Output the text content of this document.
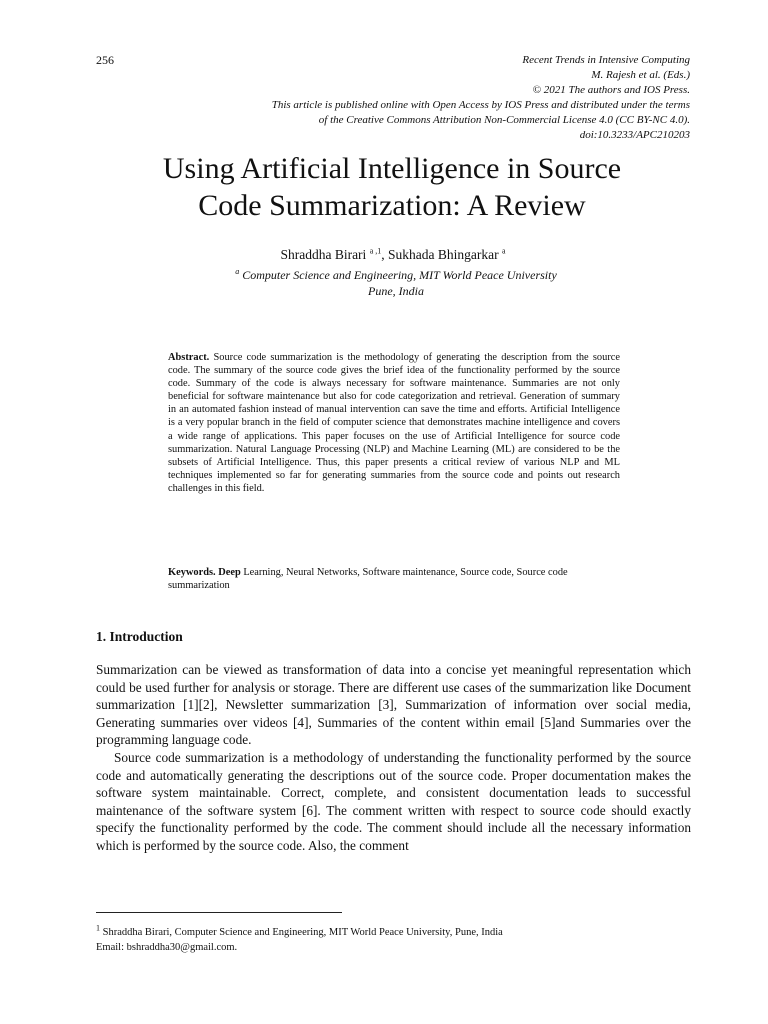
256	Recent Trends in Intensive Computing
M. Rajesh et al. (Eds.)
© 2021 The authors and IOS Press.
This article is published online with Open Access by IOS Press and distributed under the terms
of the Creative Commons Attribution Non-Commercial License 4.0 (CC BY-NC 4.0).
doi:10.3233/APC210203
Using Artificial Intelligence in Source
Code Summarization: A Review
Shraddha Birari $^{a ,1}$, Sukhada Bhingarkar $^a$
$^a$ Computer Science and Engineering, MIT World Peace University
Pune, India
Abstract. Source code summarization is the methodology of generating the description from the source code. The summary of the source code gives the brief idea of the functionality performed by the source code. Summary of the code is always necessary for software maintenance. Summaries are not only beneficial for software maintenance but also for code categorization and retrieval. Generation of summary in an automated fashion instead of manual intervention can save the time and efforts. Artificial Intelligence is a very popular branch in the field of computer science that demonstrates machine intelligence and covers a wide range of applications. This paper focuses on the use of Artificial Intelligence for source code summarization. Natural Language Processing (NLP) and Machine Learning (ML) are considered to be the subsets of Artificial Intelligence. Thus, this paper presents a critical review of various NLP and ML techniques implemented so far for generating summaries from the source code and points out research challenges in this field.
Keywords. Deep Learning, Neural Networks, Software maintenance, Source code, Source code summarization
1. Introduction

Summarization can be viewed as transformation of data into a concise yet meaningful representation which could be used further for analysis or storage. There are different use cases of the summarization like Document summarization [1][2], Newsletter summarization [3], Summarization of information over social media, Generating summaries over videos [4], Summaries of the content within email [5]and Summaries over the programming language code.

Source code summarization is a methodology of understanding the functionality performed by the source code and automatically generating the descriptions out of the source code. Proper documentation makes the software system maintainable. Correct, complete, and consistent documentation leads to successful maintenance of the software system [6]. The comment written with respect to source code should exactly specify the functionality performed by the code. The comment should include all the necessary information which is performed by the source code. Also, the comment

$^1$ Shraddha Birari, Computer Science and Engineering, MIT World Peace University, Pune, India
Email: bshraddha30@gmail.com.
